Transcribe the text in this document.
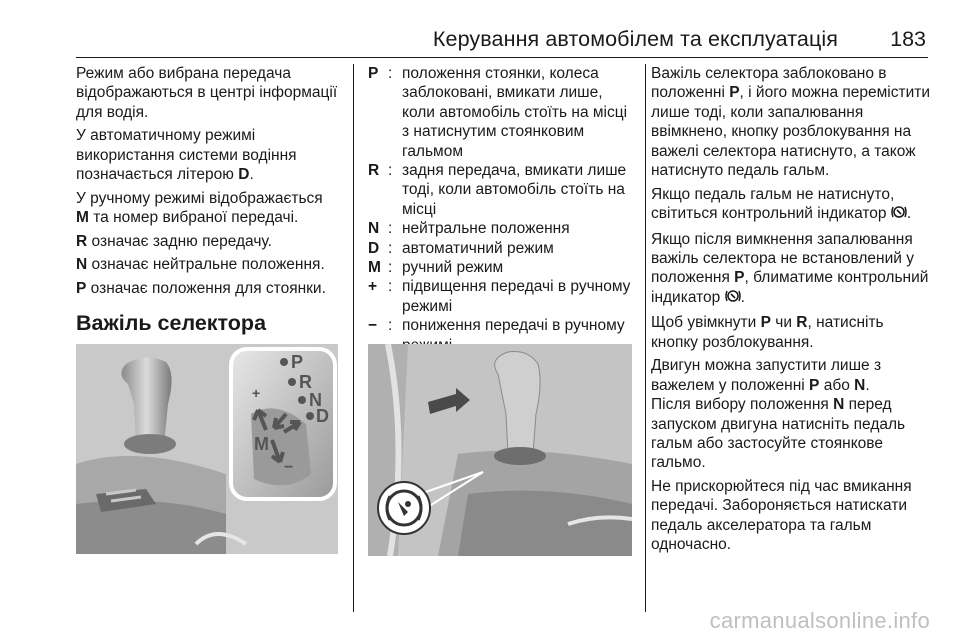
Керування автомобілем та експлуатація 183

Режим або вибрана передача відображаються в центрі інформації для водія.

У автоматичному режимі використання системи водіння позначається літерою D.

У ручному режимі відображається
M та номер вибраної передачі.

R означає задню передачу.

N означає нейтральне положення.

P означає положення для стоянки.

Важіль селектора
P
R
N
D
M
+
−
P : положення стоянки, колеса заблоковані, вмикати лише, коли автомобіль стоїть на місці з натиснутим стоянковим гальмом
R : задня передача, вмикати лише тоді, коли автомобіль стоїть на місці
N : нейтральне положення
D : автоматичний режим
M : ручний режим
+ : підвищення передачі в ручному режимі
− : пониження передачі в ручному

Важіль селектора заблоковано в положенні P, і його можна перемістити лише тоді, коли запалювання ввімкнено, кнопку розблокування на важелі селектора натиснуто, а також натиснуто педаль гальм.

Якщо педаль гальм не натиснуто, світиться контрольний індикатор .

Якщо після вимкнення запалювання важіль селектора не встановлений у положення P, блиматиме контрольний індикатор .

Щоб увімкнути P чи R, натисніть кнопку розблокування.

Двигун можна запустити лише з важелем у положенні P або N.
Після вибору положення N перед запуском двигуна натисніть педаль гальм або застосуйте стоянкове гальмо.

Не прискорюйтеся під час вмикання передачі. Забороняється натискати педаль акселератора та гальм одночасно.

carmanualsonline.info
